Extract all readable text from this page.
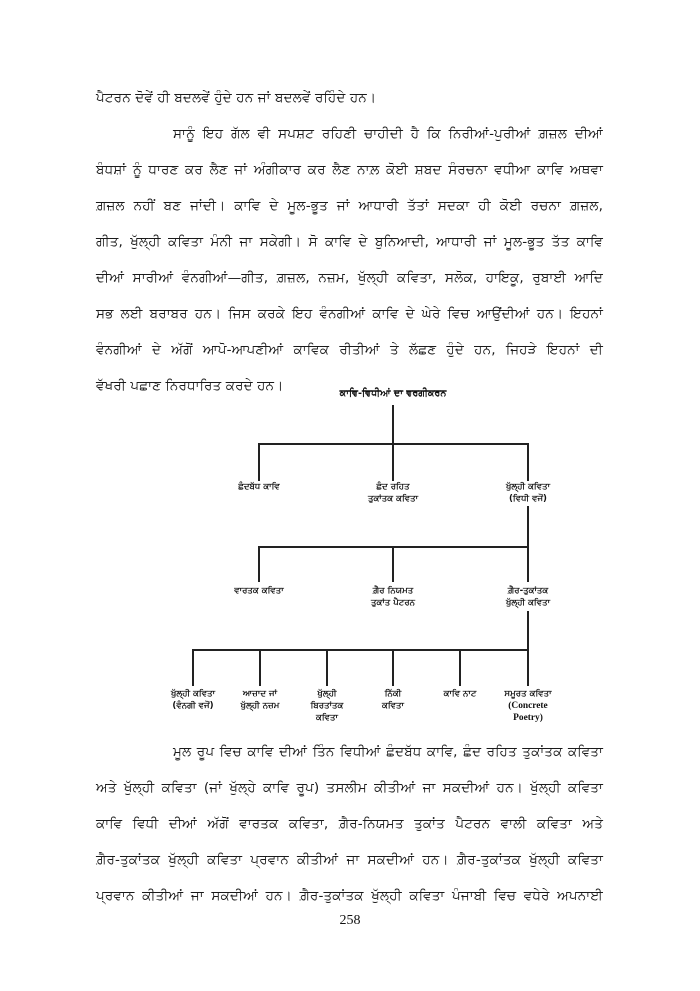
ਪੈਟਰਨ ਦੋਵੇਂ ਹੀ ਬਦਲਵੇਂ ਹੁੰਦੇ ਹਨ ਜਾਂ ਬਦਲਵੇਂ ਰਹਿੰਦੇ ਹਨ।
ਸਾਨੂੰ ਇਹ ਗੱਲ ਵੀ ਸਪਸ਼ਟ ਰਹਿਣੀ ਚਾਹੀਦੀ ਹੈ ਕਿ ਨਿਰੀਆਂ-ਪੁਰੀਆਂ ਗ਼ਜ਼ਲ ਦੀਆਂ
ਬੰਧਸ਼ਾਂ ਨੂੰ ਧਾਰਣ ਕਰ ਲੈਣ ਜਾਂ ਅੰਗੀਕਾਰ ਕਰ ਲੈਣ ਨਾਲ਼ ਕੋਈ ਸ਼ਬਦ ਸੰਰਚਨਾ ਵਧੀਆ ਕਾਵਿ ਅਥਵਾ
ਗ਼ਜ਼ਲ ਨਹੀਂ ਬਣ ਜਾਂਦੀ। ਕਾਵਿ ਦੇ ਮੂਲ-ਭੂਤ ਜਾਂ ਆਧਾਰੀ ਤੱਤਾਂ ਸਦਕਾ ਹੀ ਕੋਈ ਰਚਨਾ ਗ਼ਜ਼ਲ,
ਗੀਤ, ਖੁੱਲ੍ਹੀ ਕਵਿਤਾ ਮੰਨੀ ਜਾ ਸਕੇਗੀ। ਸੋ ਕਾਵਿ ਦੇ ਬੁਨਿਆਦੀ, ਆਧਾਰੀ ਜਾਂ ਮੂਲ-ਭੂਤ ਤੱਤ ਕਾਵਿ
ਦੀਆਂ ਸਾਰੀਆਂ ਵੰਨਗੀਆਂ—ਗੀਤ, ਗ਼ਜ਼ਲ, ਨਜ਼ਮ, ਖੁੱਲ੍ਹੀ ਕਵਿਤਾ, ਸਲੋਕ, ਹਾਇਕੂ, ਰੁਬਾਈ ਆਦਿ
ਸਭ ਲਈ ਬਰਾਬਰ ਹਨ। ਜਿਸ ਕਰਕੇ ਇਹ ਵੰਨਗੀਆਂ ਕਾਵਿ ਦੇ ਘੇਰੇ ਵਿਚ ਆਉਂਦੀਆਂ ਹਨ। ਇਹਨਾਂ
ਵੰਨਗੀਆਂ ਦੇ ਅੱਗੋਂ ਆਪੋ-ਆਪਣੀਆਂ ਕਾਵਿਕ ਰੀਤੀਆਂ ਤੇ ਲੱਛਣ ਹੁੰਦੇ ਹਨ, ਜਿਹੜੇ ਇਹਨਾਂ ਦੀ
ਵੱਖਰੀ ਪਛਾਣ ਨਿਰਧਾਰਿਤ ਕਰਦੇ ਹਨ।	ਕਾਵਿ-ਵਿਧੀਆਂ ਦਾ ਵਰਗੀਕਰਨ
ਛੰਦਬੱਧ ਕਾਵਿ	ਛੰਦ ਰਹਿਤ
ਤੁਕਾਂਤਕ ਕਵਿਤਾ
ਖੁੱਲ੍ਹੀ ਕਵਿਤਾ
(ਵਿਧੀ ਵਜੋਂ)
ਵਾਰਤਕ ਕਵਿਤਾ	ਗ਼ੈਰ ਨਿਯਮਤ
ਤੁਕਾਂਤ ਪੈਟਰਨ
ਗ਼ੈਰ-ਤੁਕਾਂਤਕ
ਖੁੱਲ੍ਹੀ ਕਵਿਤਾ
ਖੁੱਲ੍ਹੀ ਕਵਿਤਾ
(ਵੰਨਗੀ ਵਜੋਂ)
ਆਜ਼ਾਦ ਜਾਂ
ਖੁੱਲ੍ਹੀ ਨਜ਼ਮ
ਖੁੱਲ੍ਹੀ
ਬਿਰਤਾਂਤਕ
ਕਵਿਤਾ
ਨਿੱਕੀ
ਕਵਿਤਾ
ਕਾਵਿ ਨਾਟ	ਸਮੂਰਤ ਕਵਿਤਾ
(Concrete
Poetry)
ਮੂਲ ਰੂਪ ਵਿਚ ਕਾਵਿ ਦੀਆਂ ਤਿੰਨ ਵਿਧੀਆਂ ਛੰਦਬੱਧ ਕਾਵਿ, ਛੰਦ ਰਹਿਤ ਤੁਕਾਂਤਕ ਕਵਿਤਾ
ਅਤੇ ਖੁੱਲ੍ਹੀ ਕਵਿਤਾ (ਜਾਂ ਖੁੱਲ੍ਹੇ ਕਾਵਿ ਰੂਪ) ਤਸਲੀਮ ਕੀਤੀਆਂ ਜਾ ਸਕਦੀਆਂ ਹਨ। ਖੁੱਲ੍ਹੀ ਕਵਿਤਾ
ਕਾਵਿ ਵਿਧੀ ਦੀਆਂ ਅੱਗੋਂ ਵਾਰਤਕ ਕਵਿਤਾ, ਗ਼ੈਰ-ਨਿਯਮਤ ਤੁਕਾਂਤ ਪੈਟਰਨ ਵਾਲੀ ਕਵਿਤਾ ਅਤੇ
ਗ਼ੈਰ-ਤੁਕਾਂਤਕ ਖੁੱਲ੍ਹੀ ਕਵਿਤਾ ਪ੍ਰਵਾਨ ਕੀਤੀਆਂ ਜਾ ਸਕਦੀਆਂ ਹਨ। ਗ਼ੈਰ-ਤੁਕਾਂਤਕ ਖੁੱਲ੍ਹੀ ਕਵਿਤਾ
ਪ੍ਰਵਾਨ ਕੀਤੀਆਂ ਜਾ ਸਕਦੀਆਂ ਹਨ। ਗ਼ੈਰ-ਤੁਕਾਂਤਕ ਖੁੱਲ੍ਹੀ ਕਵਿਤਾ ਪੰਜਾਬੀ ਵਿਚ ਵਧੇਰੇ ਅਪਨਾਈ
258
